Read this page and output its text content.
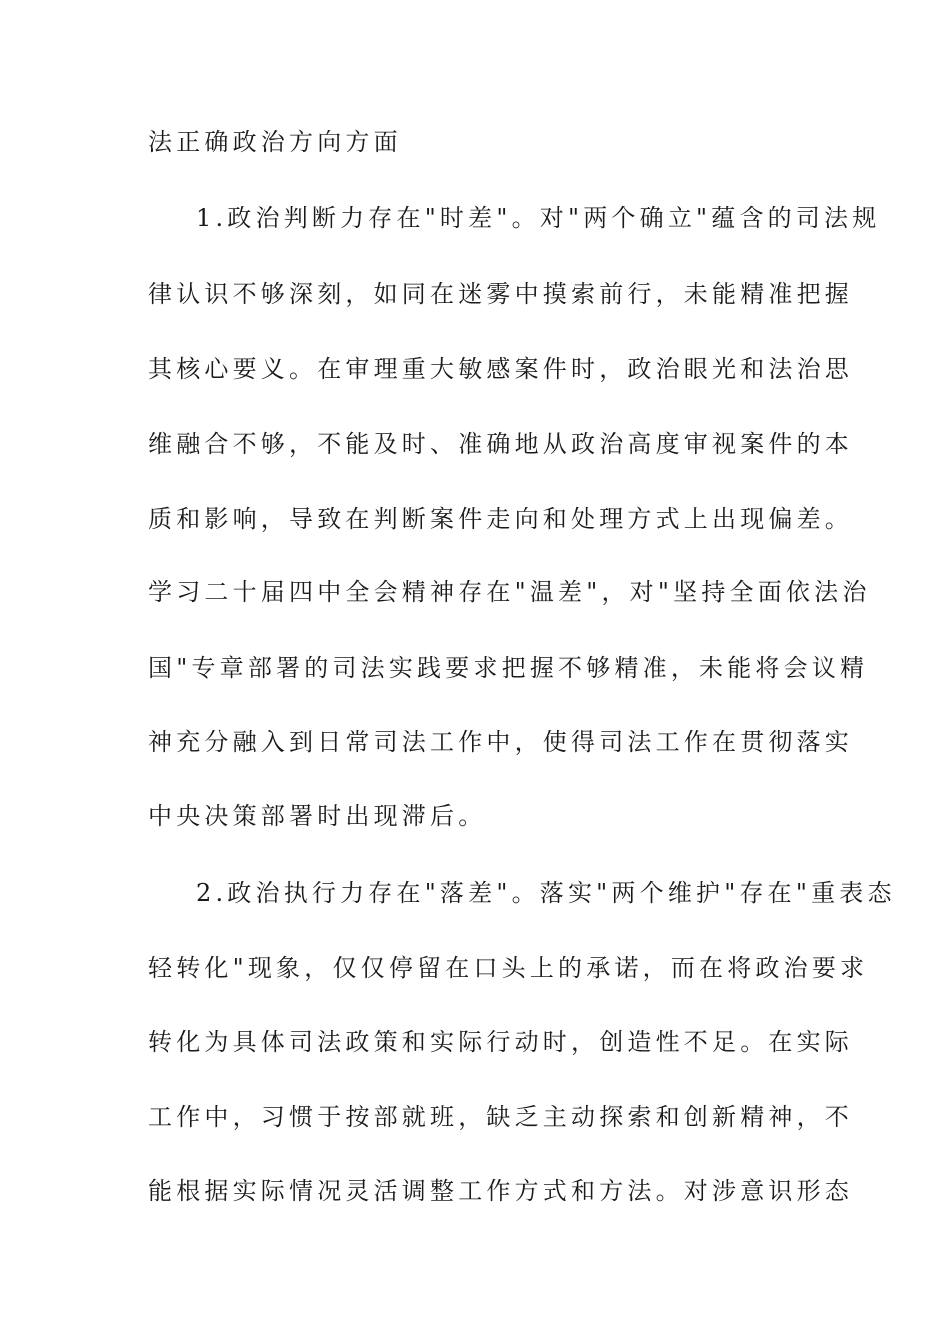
法正确政治方向方面
1.政治判断力存在"时差"。对"两个确立"蕴含的司法规
律认识不够深刻，如同在迷雾中摸索前行，未能精准把握
其核心要义。在审理重大敏感案件时，政治眼光和法治思
维融合不够，不能及时、准确地从政治高度审视案件的本
质和影响，导致在判断案件走向和处理方式上出现偏差。
学习二十届四中全会精神存在"温差"，对"坚持全面依法治
国"专章部署的司法实践要求把握不够精准，未能将会议精
神充分融入到日常司法工作中，使得司法工作在贯彻落实
中央决策部署时出现滞后。
2.政治执行力存在"落差"。落实"两个维护"存在"重表态
轻转化"现象，仅仅停留在口头上的承诺，而在将政治要求
转化为具体司法政策和实际行动时，创造性不足。在实际
工作中，习惯于按部就班，缺乏主动探索和创新精神，不
能根据实际情况灵活调整工作方式和方法。对涉意识形态
